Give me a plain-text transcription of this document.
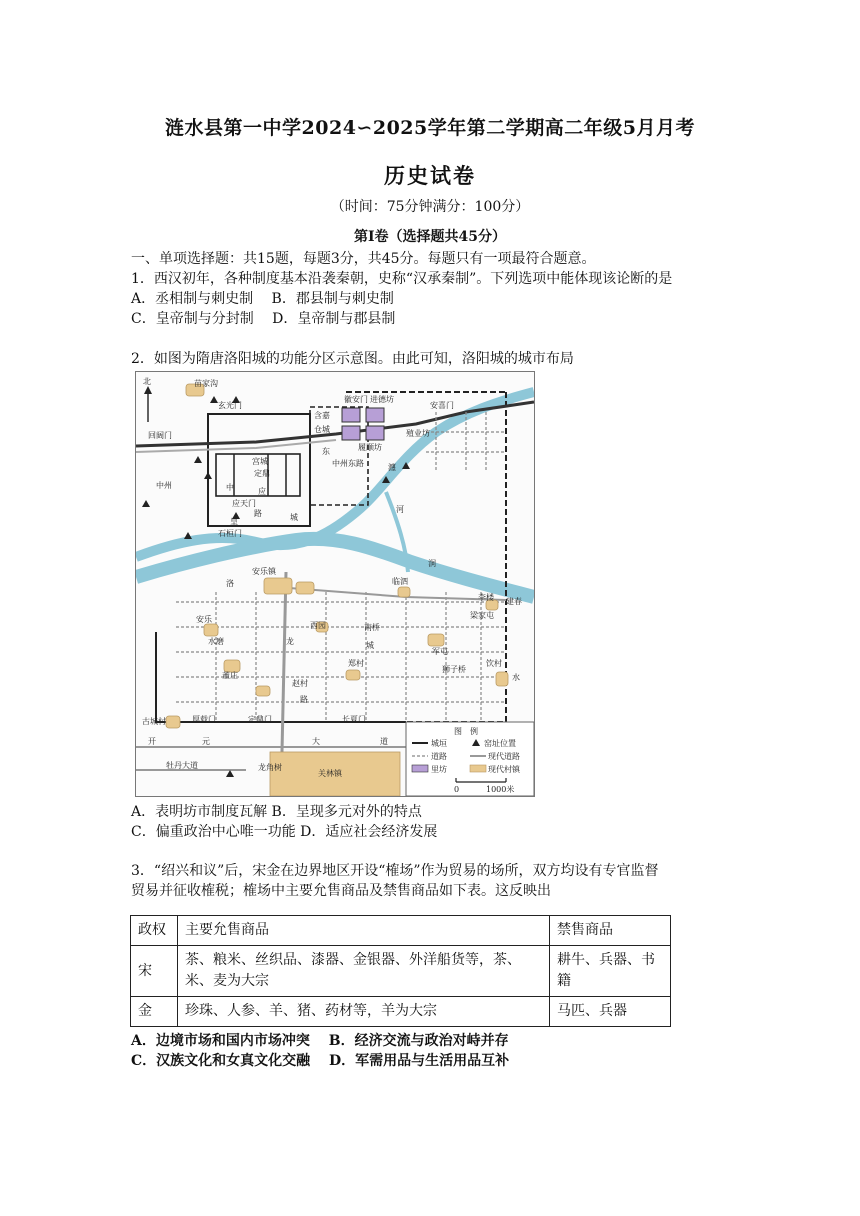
涟水县第一中学2024∽2025学年第二学期高二年级5月月考
历史试卷
（时间：75分钟满分：100分）
第Ⅰ卷（选择题共45分）
一、单项选择题：共15题，每题3分，共45分。每题只有一项最符合题意。
1．西汉初年，各种制度基本沿袭秦朝，史称“汉承秦制”。下列选项中能体现该论断的是
A．丞相制与刺史制　 B．郡县制与刺史制
C．皇帝制与分封制　 D．皇帝制与郡县制
2．如图为隋唐洛阳城的功能分区示意图。由此可知，洛阳城的城市布局
北	苗家沟
玄光门
回阔门
徽安门 进德坊
安喜门
含嘉
仓城
履顺坊
殖业坊
宫城
定鼎
东
中州东路	瀍
中州	中	应
应天门
路
皇	城
石桓门
河
涧
安乐镇
洛	临泗
李楼 建春
西园	南桥
梁家屯
安乐
水磨
军屯
龙	城
郑村
狮子桥
饮村
董庄
赵村
路
水
古城村	厚载门	定鼎门	长夏门
开	元	大	道
牡丹大道	龙角树
关林镇
图　例
城垣
道路
里坊
窑址位置
现代道路
现代村镇
0	1000米
A．表明坊市制度瓦解 B．呈现多元对外的特点
C．偏重政治中心唯一功能 D．适应社会经济发展
3．“绍兴和议”后，宋金在边界地区开设“榷场”作为贸易的场所，双方均设有专官监督
贸易并征收榷税；榷场中主要允售商品及禁售商品如下表。这反映出
政权	主要允售商品	禁售商品
宋	茶、粮米、丝织品、漆器、金银器、外洋船货等，茶、米、麦为大宗	耕牛、兵器、书籍
金	珍珠、人参、羊、猪、药材等，羊为大宗	马匹、兵器
A．边境市场和国内市场冲突　 B．经济交流与政治对峙并存
C．汉族文化和女真文化交融　 D．军需用品与生活用品互补
